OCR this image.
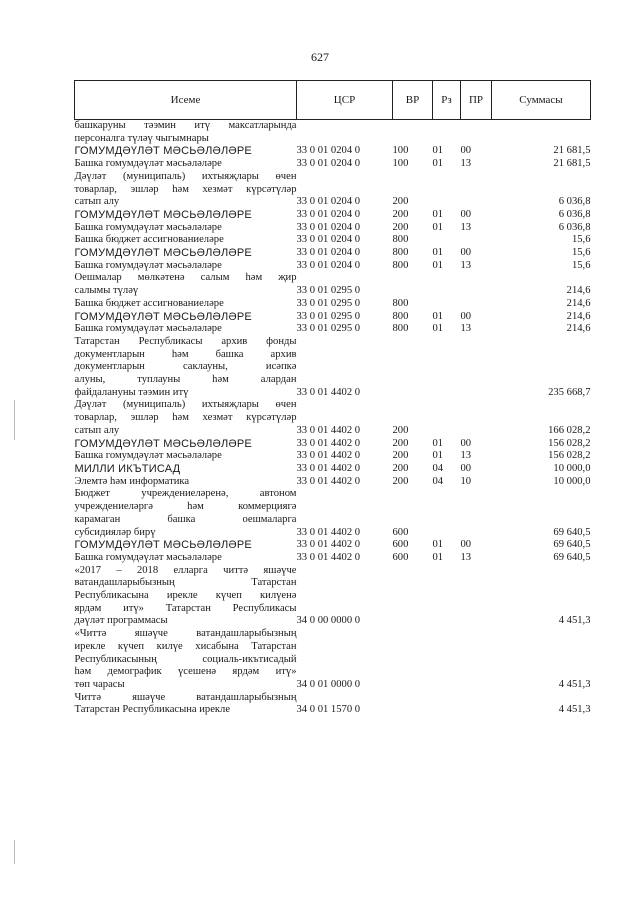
627
Исеме	ЦСР	ВР	Рз	ПР	Суммасы

башкаруны тәэмин итү максатларында
персоналга түләү чыгымнары					

ГОМУМДӘҮЛӘТ МӘСЬӘЛӘЛӘРЕ	33 0 01 0204 0	100	01	00	21 681,5

Башка гомумдәүләт мәсьәләләре	33 0 01 0204 0	100	01	13	21 681,5

Дәүләт (муниципаль) ихтыяҗлары өчен
товарлар, эшләр һәм хезмәт күрсәтүләр
сатып алу	33 0 01 0204 0	200			6 036,8

ГОМУМДӘҮЛӘТ МӘСЬӘЛӘЛӘРЕ	33 0 01 0204 0	200	01	00	6 036,8

Башка гомумдәүләт мәсьәләләре	33 0 01 0204 0	200	01	13	6 036,8

Башка бюджет ассигнованиеләре	33 0 01 0204 0	800			15,6

ГОМУМДӘҮЛӘТ МӘСЬӘЛӘЛӘРЕ	33 0 01 0204 0	800	01	00	15,6

Башка гомумдәүләт мәсьәләләре	33 0 01 0204 0	800	01	13	15,6

Оешмалар мөлкәтенә салым һәм җир
салымы түләү	33 0 01 0295 0				214,6

Башка бюджет ассигнованиеләре	33 0 01 0295 0	800			214,6

ГОМУМДӘҮЛӘТ МӘСЬӘЛӘЛӘРЕ	33 0 01 0295 0	800	01	00	214,6

Башка гомумдәүләт мәсьәләләре	33 0 01 0295 0	800	01	13	214,6

Татарстан Республикасы архив фонды
документларын һәм башка архив
документларын саклауны, исәпкә
алуны, туплауны һәм алардан
файдалануны тәэмин итү	33 0 01 4402 0				235 668,7

Дәүләт (муниципаль) ихтыяҗлары өчен
товарлар, эшләр һәм хезмәт күрсәтүләр
сатып алу	33 0 01 4402 0	200			166 028,2

ГОМУМДӘҮЛӘТ МӘСЬӘЛӘЛӘРЕ	33 0 01 4402 0	200	01	00	156 028,2

Башка гомумдәүләт мәсьәләләре	33 0 01 4402 0	200	01	13	156 028,2

МИЛЛИ ИКЪТИСАД	33 0 01 4402 0	200	04	00	10 000,0

Элемтә һәм информатика	33 0 01 4402 0	200	04	10	10 000,0

Бюджет учреждениеләренә, автоном
учреждениеләргә һәм коммерциягә
карамаган башка оешмаларга
субсидияләр бирү	33 0 01 4402 0	600			69 640,5

ГОМУМДӘҮЛӘТ МӘСЬӘЛӘЛӘРЕ	33 0 01 4402 0	600	01	00	69 640,5

Башка гомумдәүләт мәсьәләләре	33 0 01 4402 0	600	01	13	69 640,5

«2017 – 2018 елларга читтә яшәүче
ватандашларыбызның Татарстан
Республикасына ирекле күчеп килүенә
ярдәм итү» Татарстан Республикасы
дәүләт программасы	34 0 00 0000 0				4 451,3

«Читтә яшәүче ватандашларыбызның
ирекле күчеп килүе хисабына Татарстан
Республикасының социаль-икътисадый
һәм демографик үсешенә ярдәм итү»
төп чарасы	34 0 01 0000 0				4 451,3

Читтә яшәүче ватандашларыбызның
Татарстан Республикасына ирекле	34 0 01 1570 0				4 451,3
